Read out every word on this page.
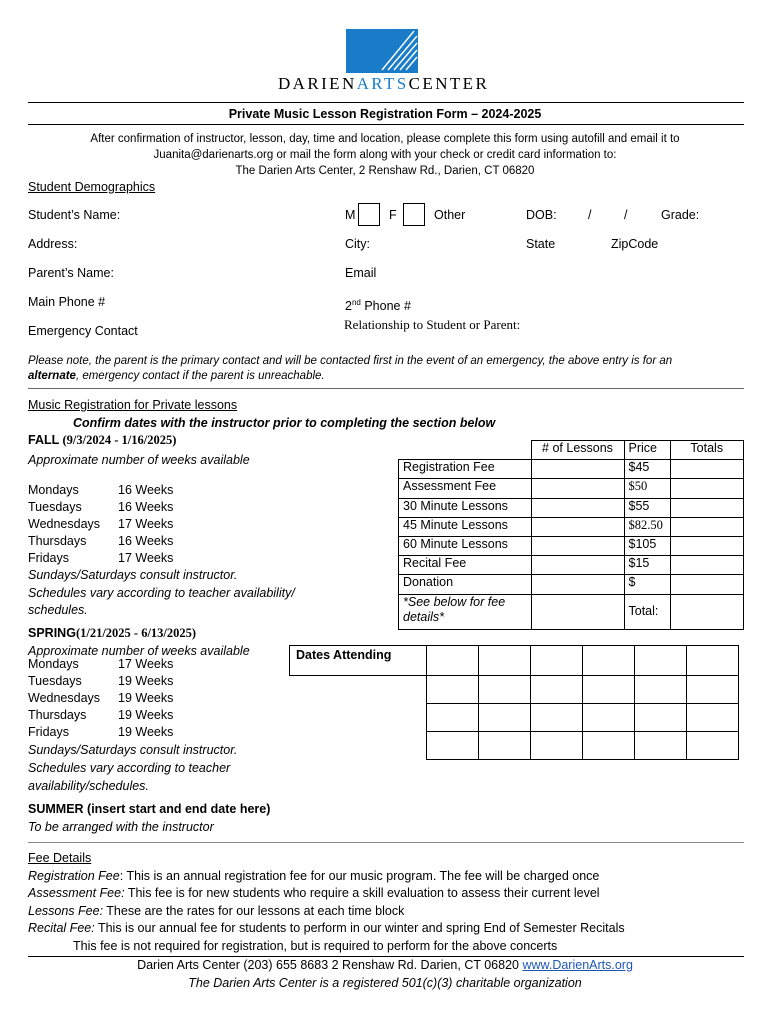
DARIENARTSCENTER
Private Music Lesson Registration Form – 2024-2025
After confirmation of instructor, lesson, day, time and location, please complete this form using autofill and email it to
Juanita@darienarts.org or mail the form along with your check or credit card information to:
The Darien Arts Center, 2 Renshaw Rd., Darien, CT 06820
Student Demographics
Student’s Name:	M	F	Other	DOB:	/	/	Grade:
Address:	City:	State	ZipCode
Parent’s Name:	Email
Main Phone #	2nd Phone #
Emergency Contact	Relationship to Student or Parent:
Please note, the parent is the primary contact and will be contacted first in the event of an emergency, the above entry is for an
alternate, emergency contact if the parent is unreachable.
Music Registration for Private lessons
Confirm dates with the instructor prior to completing the section below
FALL (9/3/2024 - 1/16/2025)
Approximate number of weeks available
Mondays	16 Weeks
Tuesdays	16 Weeks
Wednesdays 17 Weeks
Thursdays	16 Weeks
Fridays	17 Weeks
Sundays/Saturdays consult instructor.
Schedules vary according to teacher availability/
schedules.
SPRING(1/21/2025 - 6/13/2025)
Approximate number of weeks available
Mondays	17 Weeks
Tuesdays	19 Weeks
Wednesdays 19 Weeks
Thursdays	19 Weeks
Fridays	19 Weeks
Sundays/Saturdays consult instructor.
Schedules vary according to teacher
availability/schedules.
SUMMER (insert start and end date here)
To be arranged with the instructor
	# of Lessons	Price	Totals
Registration Fee		$45	
Assessment Fee		$50	
30 Minute Lessons		$55	
45 Minute Lessons		$82.50	
60 Minute Lessons		$105	
Recital Fee		$15	
Donation		$	
*See below for fee details*		Total:	
Dates Attending						

Fee Details
Registration Fee: This is an annual registration fee for our music program. The fee will be charged once
Assessment Fee: This fee is for new students who require a skill evaluation to assess their current level
Lessons Fee: These are the rates for our lessons at each time block
Recital Fee: This is our annual fee for students to perform in our winter and spring End of Semester Recitals
This fee is not required for registration, but is required to perform for the above concerts
Darien Arts Center (203) 655 8683 2 Renshaw Rd. Darien, CT 06820 www.DarienArts.org
The Darien Arts Center is a registered 501(c)(3) charitable organization
